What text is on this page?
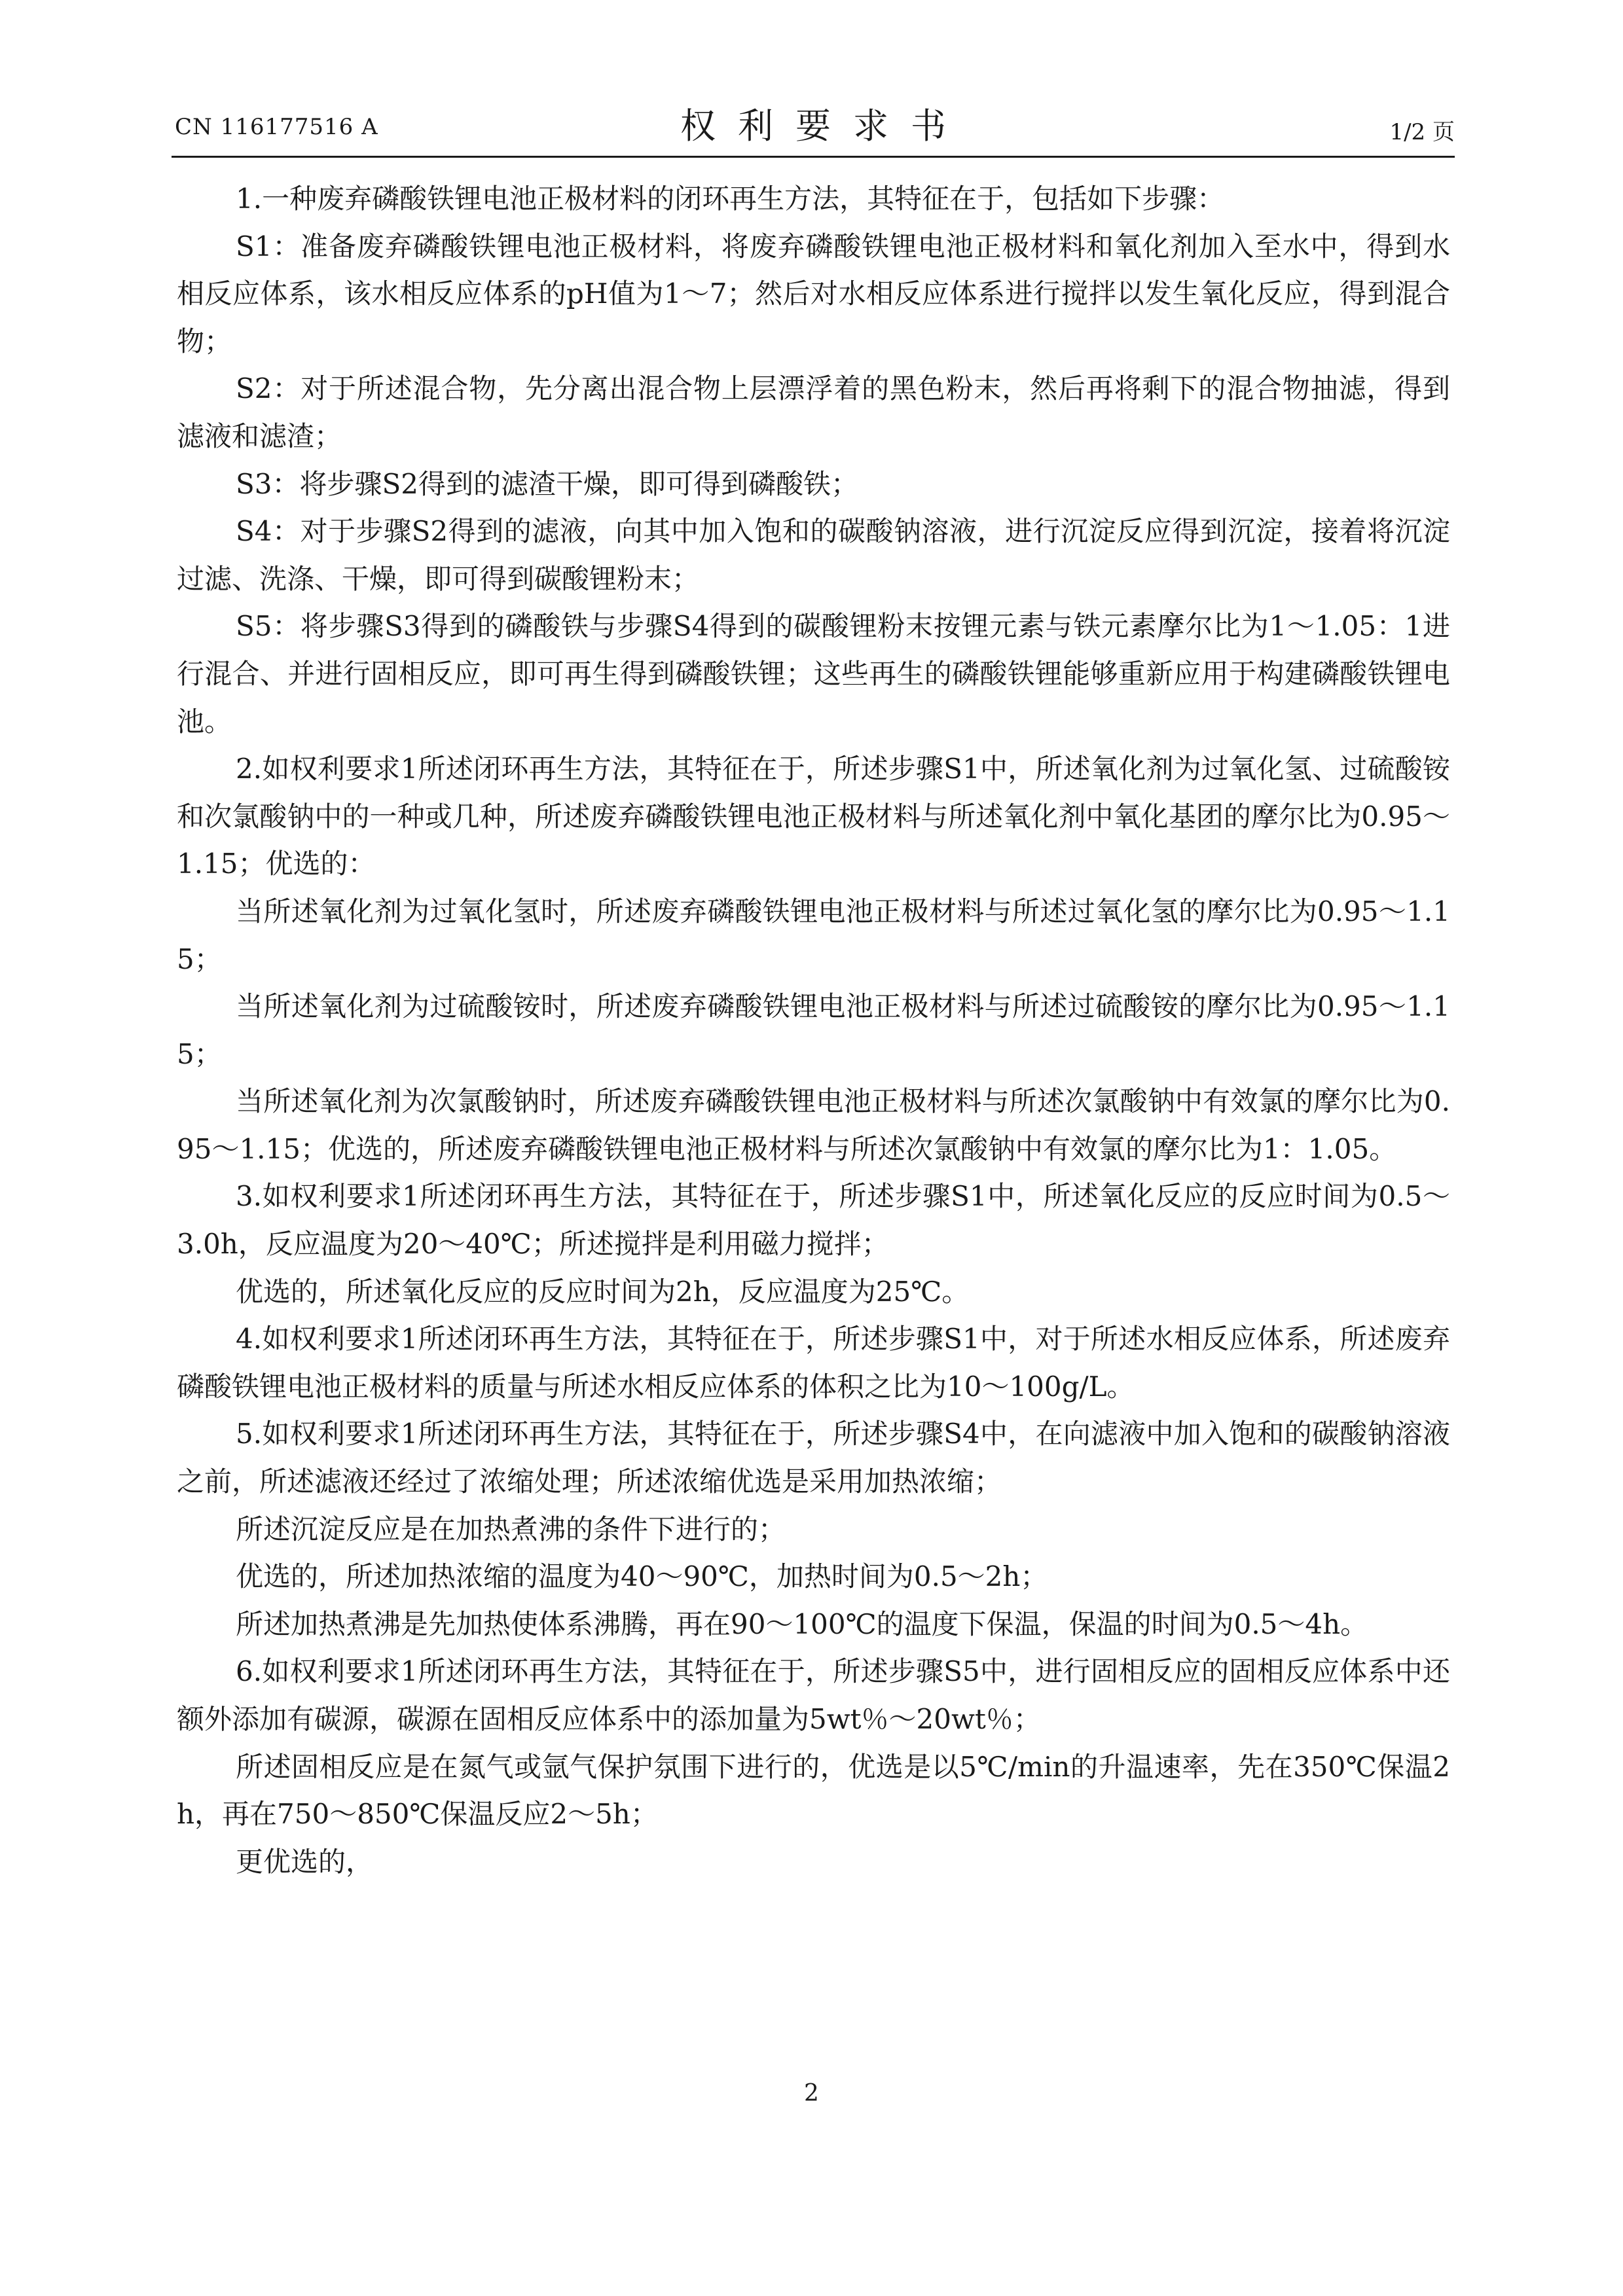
CN 116177516 A	权利要求书	1/2 页

1.一种废弃磷酸铁锂电池正极材料的闭环再生方法，其特征在于，包括如下步骤：

S1：准备废弃磷酸铁锂电池正极材料，将废弃磷酸铁锂电池正极材料和氧化剂加入至水中，得到水相反应体系，该水相反应体系的pH值为1～7；然后对水相反应体系进行搅拌以发生氧化反应，得到混合物；

S2：对于所述混合物，先分离出混合物上层漂浮着的黑色粉末，然后再将剩下的混合物抽滤，得到滤液和滤渣；

S3：将步骤S2得到的滤渣干燥，即可得到磷酸铁；

S4：对于步骤S2得到的滤液，向其中加入饱和的碳酸钠溶液，进行沉淀反应得到沉淀，接着将沉淀过滤、洗涤、干燥，即可得到碳酸锂粉末；

S5：将步骤S3得到的磷酸铁与步骤S4得到的碳酸锂粉末按锂元素与铁元素摩尔比为1～1.05：1进行混合、并进行固相反应，即可再生得到磷酸铁锂；这些再生的磷酸铁锂能够重新应用于构建磷酸铁锂电池。

2.如权利要求1所述闭环再生方法，其特征在于，所述步骤S1中，所述氧化剂为过氧化氢、过硫酸铵和次氯酸钠中的一种或几种，所述废弃磷酸铁锂电池正极材料与所述氧化剂中氧化基团的摩尔比为0.95～1.15；优选的：

当所述氧化剂为过氧化氢时，所述废弃磷酸铁锂电池正极材料与所述过氧化氢的摩尔比为0.95～1.15；

当所述氧化剂为过硫酸铵时，所述废弃磷酸铁锂电池正极材料与所述过硫酸铵的摩尔比为0.95～1.15；

当所述氧化剂为次氯酸钠时，所述废弃磷酸铁锂电池正极材料与所述次氯酸钠中有效氯的摩尔比为0.95～1.15；优选的，所述废弃磷酸铁锂电池正极材料与所述次氯酸钠中有效氯的摩尔比为1：1.05。

3.如权利要求1所述闭环再生方法，其特征在于，所述步骤S1中，所述氧化反应的反应时间为0.5～3.0h，反应温度为20～40℃；所述搅拌是利用磁力搅拌；

优选的，所述氧化反应的反应时间为2h，反应温度为25℃。

4.如权利要求1所述闭环再生方法，其特征在于，所述步骤S1中，对于所述水相反应体系，所述废弃磷酸铁锂电池正极材料的质量与所述水相反应体系的体积之比为10～100g/L。

5.如权利要求1所述闭环再生方法，其特征在于，所述步骤S4中，在向滤液中加入饱和的碳酸钠溶液之前，所述滤液还经过了浓缩处理；所述浓缩优选是采用加热浓缩；

所述沉淀反应是在加热煮沸的条件下进行的；

优选的，所述加热浓缩的温度为40～90℃，加热时间为0.5～2h；

所述加热煮沸是先加热使体系沸腾，再在90～100℃的温度下保温，保温的时间为0.5～4h。

6.如权利要求1所述闭环再生方法，其特征在于，所述步骤S5中，进行固相反应的固相反应体系中还额外添加有碳源，碳源在固相反应体系中的添加量为5wt％～20wt％；

所述固相反应是在氮气或氩气保护氛围下进行的，优选是以5℃/min的升温速率，先在350℃保温2h，再在750～850℃保温反应2～5h；

更优选的，

2
